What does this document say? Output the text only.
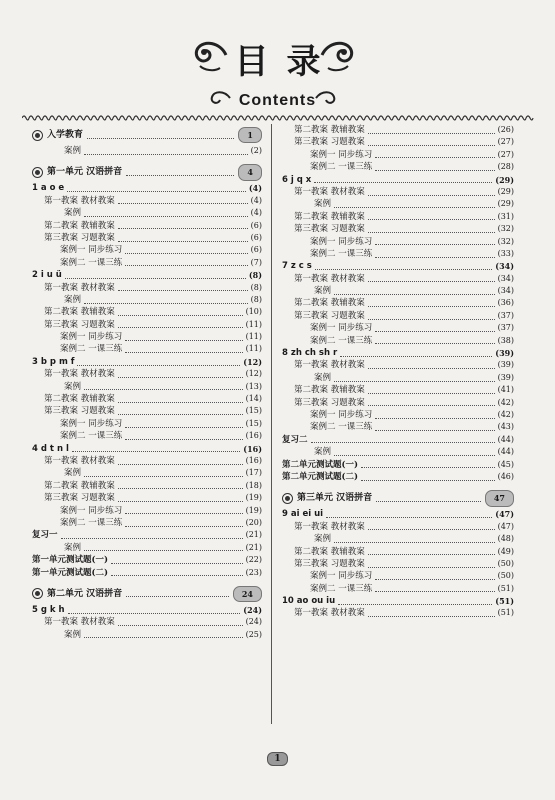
目录
Contents
入学教育	1
案例	(2)
第一单元 汉语拼音	4
1 a o e	(4)
第一教案 教材教案	(4)
案例	(4)
第二教案 教辅教案	(6)
第三教案 习题教案	(6)
案例一 同步练习	(6)
案例二 一课三练	(7)
2 i u ü	(8)
第一教案 教材教案	(8)
案例	(8)
第二教案 教辅教案	(10)
第三教案 习题教案	(11)
案例一 同步练习	(11)
案例二 一课三练	(11)
3 b p m f	(12)
第一教案 教材教案	(12)
案例	(13)
第二教案 教辅教案	(14)
第三教案 习题教案	(15)
案例一 同步练习	(15)
案例二 一课三练	(16)
4 d t n l	(16)
第一教案 教材教案	(16)
案例	(17)
第二教案 教辅教案	(18)
第三教案 习题教案	(19)
案例一 同步练习	(19)
案例二 一课三练	(20)
复习一	(21)
案例	(21)
第一单元测试题(一)	(22)
第一单元测试题(二)	(23)
第二单元 汉语拼音	24
5 g k h	(24)
第一教案 教材教案	(24)
案例	(25)
第二教案 教辅教案	(26)
第三教案 习题教案	(27)
案例一 同步练习	(27)
案例二 一课三练	(28)
6 j q x	(29)
第一教案 教材教案	(29)
案例	(29)
第二教案 教辅教案	(31)
第三教案 习题教案	(32)
案例一 同步练习	(32)
案例二 一课三练	(33)
7 z c s	(34)
第一教案 教材教案	(34)
案例	(34)
第二教案 教辅教案	(36)
第三教案 习题教案	(37)
案例一 同步练习	(37)
案例二 一课三练	(38)
8 zh ch sh r	(39)
第一教案 教材教案	(39)
案例	(39)
第二教案 教辅教案	(41)
第三教案 习题教案	(42)
案例一 同步练习	(42)
案例二 一课三练	(43)
复习二	(44)
案例	(44)
第二单元测试题(一)	(45)
第二单元测试题(二)	(46)
第三单元 汉语拼音	47
9 ai ei ui	(47)
第一教案 教材教案	(47)
案例	(48)
第二教案 教辅教案	(49)
第三教案 习题教案	(50)
案例一 同步练习	(50)
案例二 一课三练	(51)
10 ao ou iu	(51)
第一教案 教材教案	(51)
1
